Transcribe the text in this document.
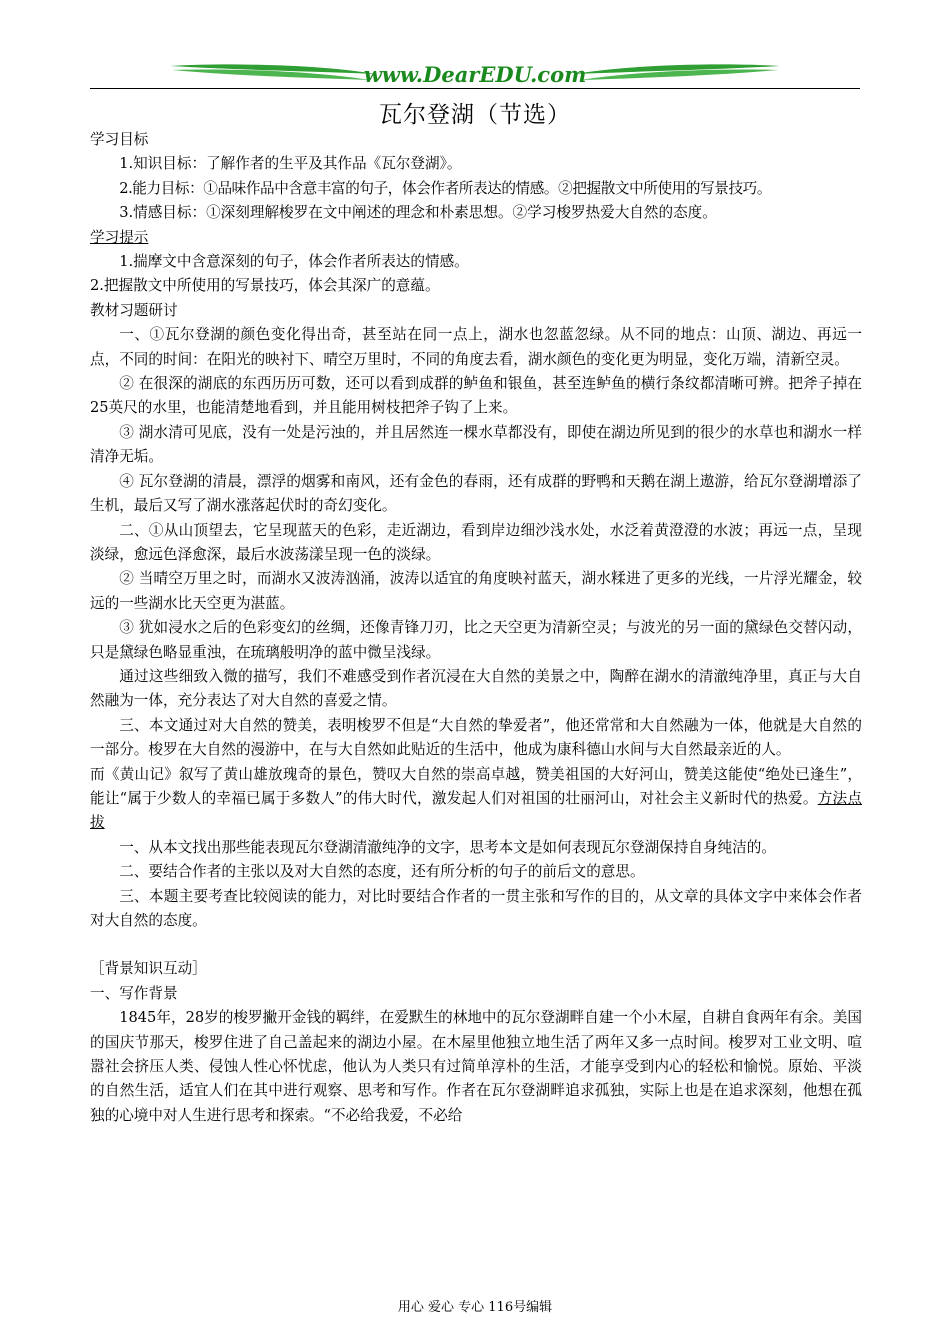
www.DearEDU.com
瓦尔登湖（节选）

学习目标

1.知识目标：了解作者的生平及其作品《瓦尔登湖》。

2.能力目标：①品味作品中含意丰富的句子，体会作者所表达的情感。②把握散文中所使用的写景技巧。

3.情感目标：①深刻理解梭罗在文中阐述的理念和朴素思想。②学习梭罗热爱大自然的态度。

学习提示

1.揣摩文中含意深刻的句子，体会作者所表达的情感。

2.把握散文中所使用的写景技巧，体会其深广的意蕴。

教材习题研讨

一、①瓦尔登湖的颜色变化得出奇，甚至站在同一点上，湖水也忽蓝忽绿。从不同的地点：山顶、湖边、再远一点，不同的时间：在阳光的映衬下、晴空万里时，不同的角度去看，湖水颜色的变化更为明显，变化万端，清新空灵。

② 在很深的湖底的东西历历可数，还可以看到成群的鲈鱼和银鱼，甚至连鲈鱼的横行条纹都清晰可辨。把斧子掉在25英尺的水里，也能清楚地看到，并且能用树枝把斧子钩了上来。

③ 湖水清可见底，没有一处是污浊的，并且居然连一棵水草都没有，即使在湖边所见到的很少的水草也和湖水一样清净无垢。

④ 瓦尔登湖的清晨，漂浮的烟雾和南风，还有金色的春雨，还有成群的野鸭和天鹅在湖上遨游，给瓦尔登湖增添了生机，最后又写了湖水涨落起伏时的奇幻变化。

二、①从山顶望去，它呈现蓝天的色彩，走近湖边，看到岸边细沙浅水处，水泛着黄澄澄的水波；再远一点，呈现淡绿，愈远色泽愈深，最后水波荡漾呈现一色的淡绿。

② 当晴空万里之时，而湖水又波涛汹涌，波涛以适宜的角度映衬蓝天，湖水糅进了更多的光线，一片浮光耀金，较远的一些湖水比天空更为湛蓝。

③ 犹如浸水之后的色彩变幻的丝绸，还像青锋刀刃，比之天空更为清新空灵；与波光的另一面的黛绿色交替闪动，只是黛绿色略显重浊，在琉璃般明净的蓝中微呈浅绿。

通过这些细致入微的描写，我们不难感受到作者沉浸在大自然的美景之中，陶醉在湖水的清澈纯净里，真正与大自然融为一体，充分表达了对大自然的喜爱之情。

三、本文通过对大自然的赞美，表明梭罗不但是“大自然的挚爱者”，他还常常和大自然融为一体，他就是大自然的一部分。梭罗在大自然的漫游中，在与大自然如此贴近的生活中，他成为康科德山水间与大自然最亲近的人。

而《黄山记》叙写了黄山雄放瑰奇的景色，赞叹大自然的崇高卓越，赞美祖国的大好河山，赞美这能使“绝处已逢生”，能让“属于少数人的幸福已属于多数人”的伟大时代，激发起人们对祖国的壮丽河山，对社会主义新时代的热爱。方法点拔

一、从本文找出那些能表现瓦尔登湖清澈纯净的文字，思考本文是如何表现瓦尔登湖保持自身纯洁的。

二、要结合作者的主张以及对大自然的态度，还有所分析的句子的前后文的意思。

三、本题主要考查比较阅读的能力，对比时要结合作者的一贯主张和写作的目的，从文章的具体文字中来体会作者对大自然的态度。

［背景知识互动］

一、写作背景

1845年，28岁的梭罗撇开金钱的羁绊，在爱默生的林地中的瓦尔登湖畔自建一个小木屋，自耕自食两年有余。美国的国庆节那天，梭罗住进了自己盖起来的湖边小屋。在木屋里他独立地生活了两年又多一点时间。梭罗对工业文明、喧嚣社会挤压人类、侵蚀人性心怀忧虑，他认为人类只有过简单淳朴的生活，才能享受到内心的轻松和愉悦。原始、平淡的自然生活，适宜人们在其中进行观察、思考和写作。作者在瓦尔登湖畔追求孤独，实际上也是在追求深刻，他想在孤独的心境中对人生进行思考和探索。“不必给我爱，不必给

用心 爱心 专心 116号编辑
